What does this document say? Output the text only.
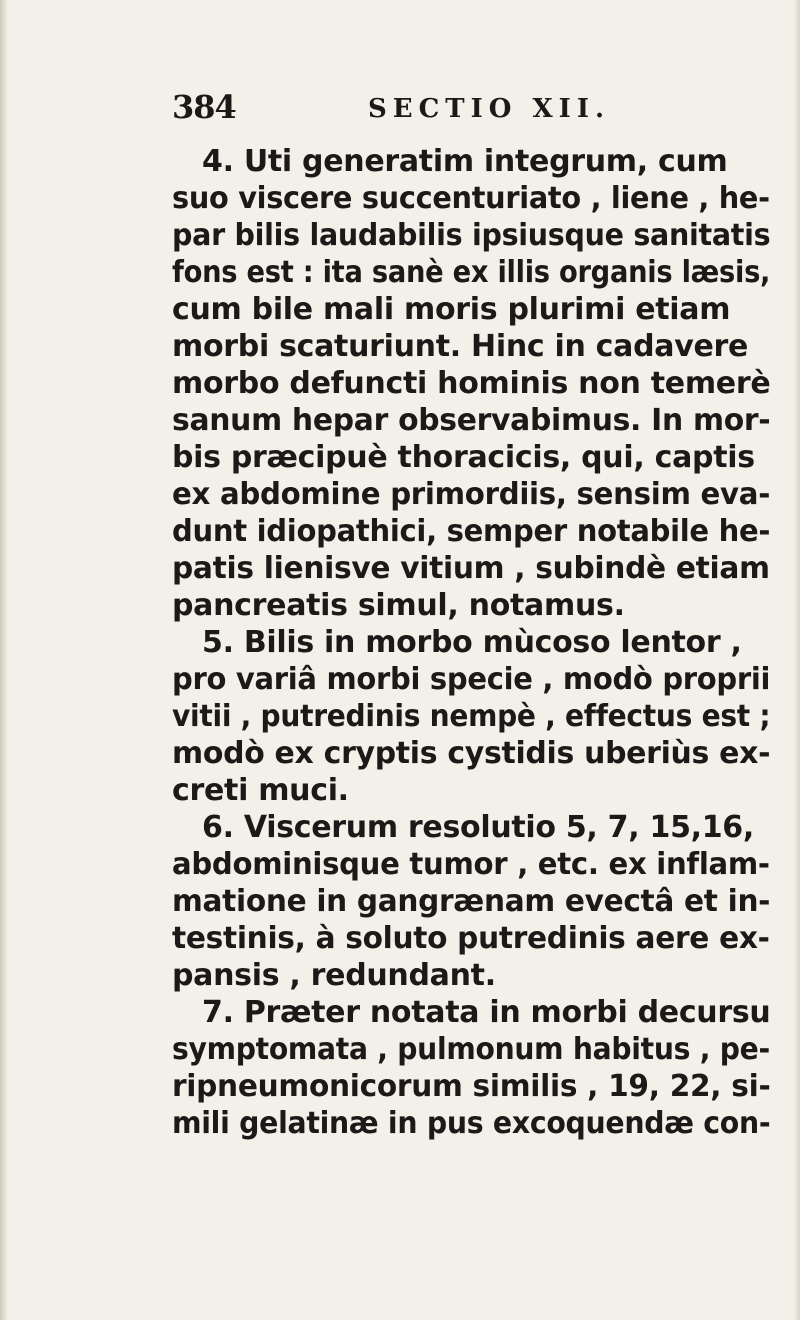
384	SECTIO XII.
4. Uti generatim integrum, cum
suo viscere succenturiato , liene , he-
par bilis laudabilis ipsiusque sanitatis
fons est : ita sanè ex illis organis læsis,
cum bile mali moris plurimi etiam
morbi scaturiunt. Hinc in cadavere
morbo defuncti hominis non temerè
sanum hepar observabimus. In mor-
bis præcipuè thoracicis, qui, captis
ex abdomine primordiis, sensim eva-
dunt idiopathici, semper notabile he-
patis lienisve vitium , subindè etiam
pancreatis simul, notamus.
5. Bilis in morbo mùcoso lentor ,
pro variâ morbi specie , modò proprii
vitii , putredinis nempè , effectus est ;
modò ex cryptis cystidis uberiùs ex-
creti muci.
6. Viscerum resolutio 5, 7, 15,16,
abdominisque tumor , etc. ex inflam-
matione in gangrænam evectâ et in-
testinis, à soluto putredinis aere ex-
pansis , redundant.
7. Præter notata in morbi decursu
symptomata , pulmonum habitus , pe-
ripneumonicorum similis , 19, 22, si-
mili gelatinæ in pus excoquendæ con-
